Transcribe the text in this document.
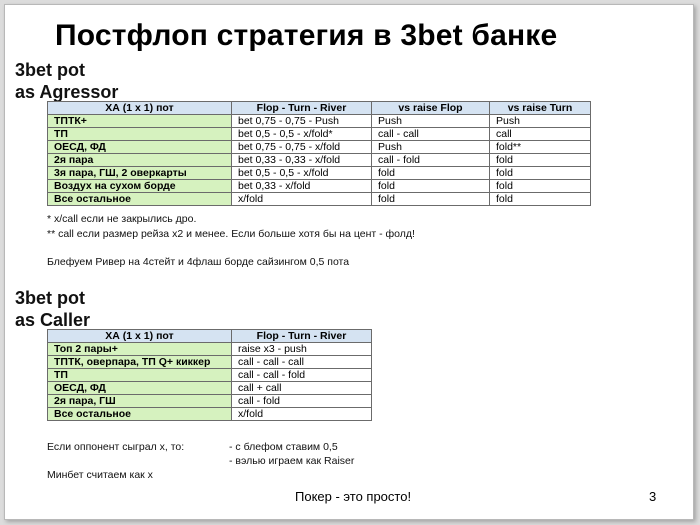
Постфлоп стратегия в 3bet банке
3bet pot
as Agressor
ХА (1 х 1) пот	Flop - Turn - River	vs raise Flop	vs raise Turn
ТПТК+	bet 0,75 - 0,75 - Push	Push	Push
ТП	bet 0,5 - 0,5 - x/fold*	call - call	call
ОЕСД, ФД	bet 0,75 - 0,75 - x/fold	Push	fold**
2я пара	bet 0,33 - 0,33 - x/fold	call - fold	fold
3я пара, ГШ, 2 оверкарты	bet 0,5 - 0,5 - x/fold	fold	fold
Воздух на сухом борде	bet 0,33 - x/fold	fold	fold
Все остальное	x/fold	fold	fold
* x/call если не закрылись дро.
** call если размер рейза х2 и менее. Если больше хотя бы на цент - фолд!
Блефуем Ривер на 4стейт и 4флаш борде сайзингом 0,5 пота
3bet pot
as Caller
ХА (1 х 1) пот	Flop - Turn - River
Топ 2 пары+	raise x3 - push
ТПТК, оверпара, ТП Q+ киккер	call - call - call
ТП	call - call - fold
ОЕСД, ФД	call + call
2я пара, ГШ	call - fold
Все остальное	x/fold
Если оппонент сыграл x, то:	- с блефом ставим 0,5
- вэлью играем как Raiser
Минбет считаем как x
Покер - это просто!	3
